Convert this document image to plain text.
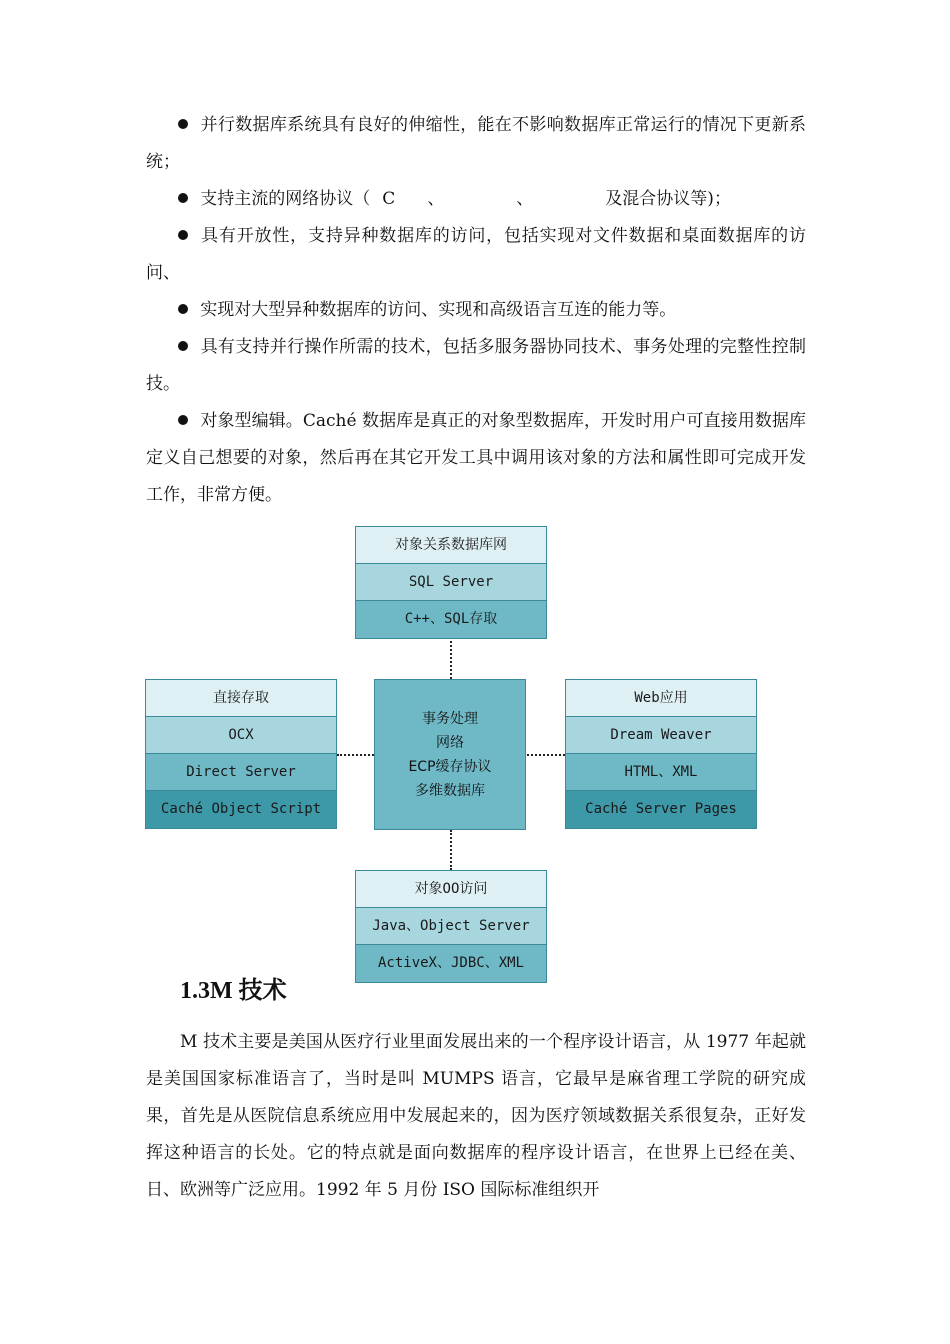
并行数据库系统具有良好的伸缩性，能在不影响数据库正常运行的情况下更新系统；

支持主流的网络协议（ C 、	、	及混合协议等)；

具有开放性，支持异种数据库的访问，包括实现对文件数据和桌面数据库的访问、

实现对大型异种数据库的访问、实现和高级语言互连的能力等。

具有支持并行操作所需的技术，包括多服务器协同技术、事务处理的完整性控制技。

对象型编辑。Caché 数据库是真正的对象型数据库，开发时用户可直接用数据库定义自己想要的对象，然后再在其它开发工具中调用该对象的方法和属性即可完成开发工作，非常方便。

对象关系数据库网
SQL Server
C++、SQL存取
直接存取
OCX
Direct Server
Caché Object Script
Web应用
Dream Weaver
HTML、XML
Caché Server Pages
事务处理
网络
ECP缓存协议
多维数据库
对象OO访问
Java、Object Server
ActiveX、JDBC、XML
1.3M 技术

M 技术主要是美国从医疗行业里面发展出来的一个程序设计语言，从 1977 年起就是美国国家标准语言了，当时是叫 MUMPS 语言，它最早是麻省理工学院的研究成果，首先是从医院信息系统应用中发展起来的，因为医疗领域数据关系很复杂，正好发挥这种语言的长处。它的特点就是面向数据库的程序设计语言，在世界上已经在美、日、欧洲等广泛应用。1992 年 5 月份 ISO 国际标准组织开
